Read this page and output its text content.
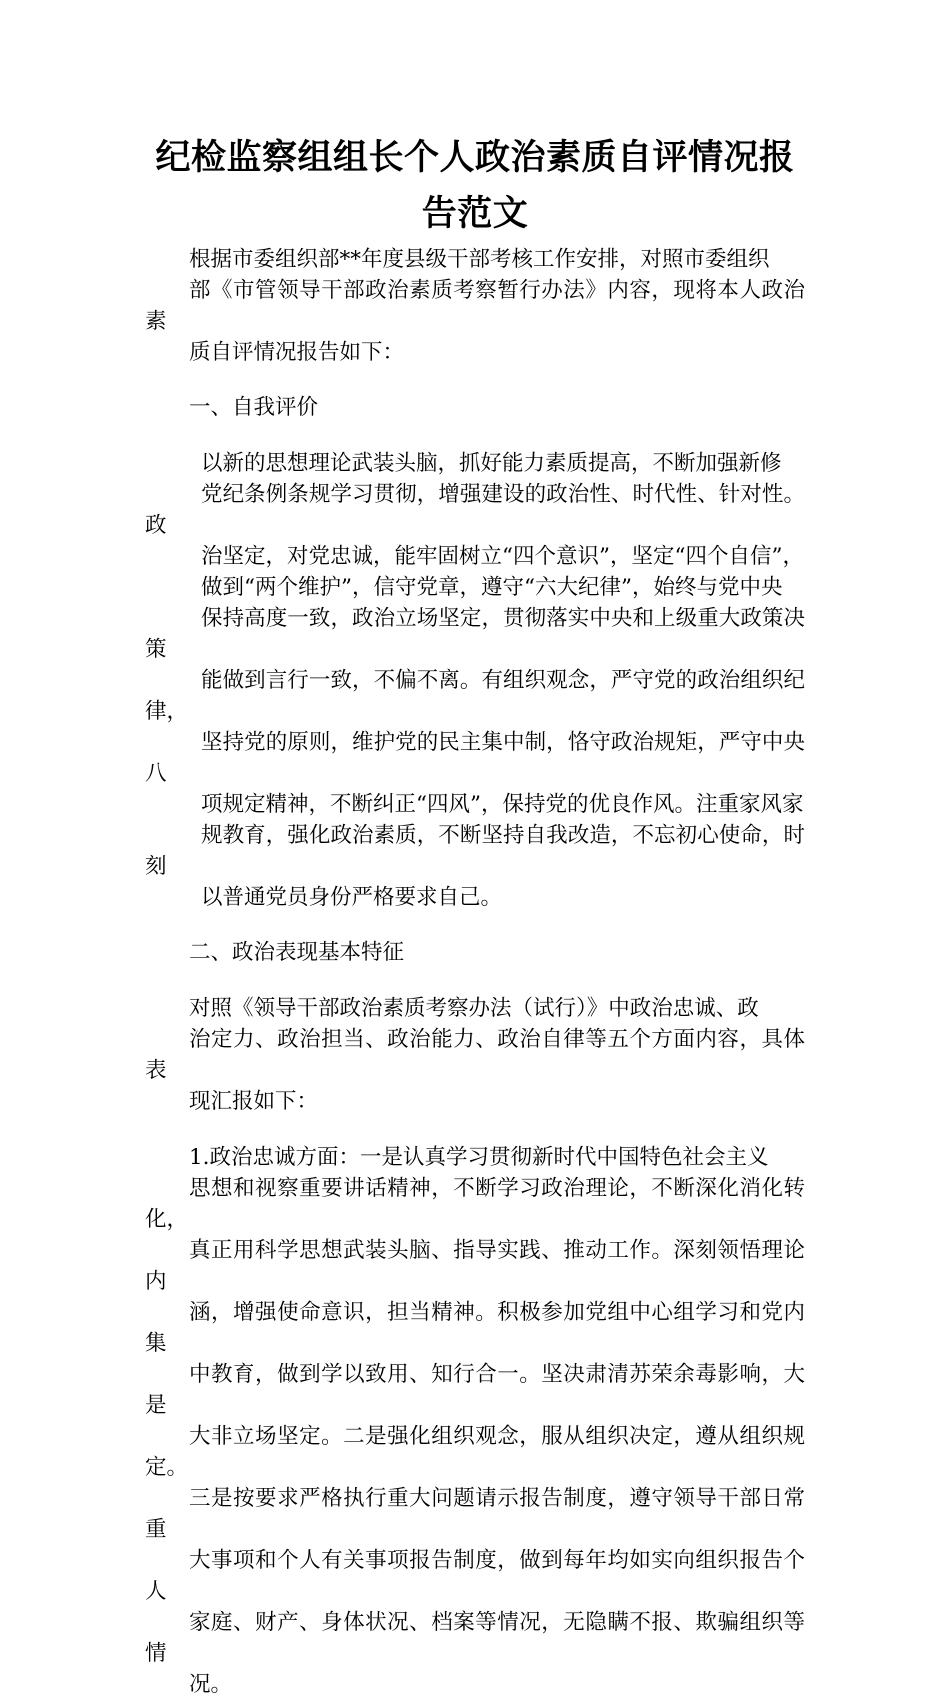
纪检监察组组长个人政治素质自评情况报
告范文

根据市委组织部**年度县级干部考核工作安排，对照市委组织
部《市管领导干部政治素质考察暂行办法》内容，现将本人政治素
质自评情况报告如下：

一、自我评价

以新的思想理论武装头脑，抓好能力素质提高，不断加强新修
党纪条例条规学习贯彻，增强建设的政治性、时代性、针对性。政
治坚定，对党忠诚，能牢固树立“四个意识”，坚定“四个自信”，
做到“两个维护”，信守党章，遵守“六大纪律”，始终与党中央
保持高度一致，政治立场坚定，贯彻落实中央和上级重大政策决策
能做到言行一致，不偏不离。有组织观念，严守党的政治组织纪律，
坚持党的原则，维护党的民主集中制，恪守政治规矩，严守中央八
项规定精神，不断纠正“四风”，保持党的优良作风。注重家风家
规教育，强化政治素质，不断坚持自我改造，不忘初心使命，时刻
以普通党员身份严格要求自己。

二、政治表现基本特征

对照《领导干部政治素质考察办法（试行）》中政治忠诚、政
治定力、政治担当、政治能力、政治自律等五个方面内容，具体表
现汇报如下：

1.政治忠诚方面：一是认真学习贯彻新时代中国特色社会主义
思想和视察重要讲话精神，不断学习政治理论，不断深化消化转化，
真正用科学思想武装头脑、指导实践、推动工作。深刻领悟理论内
涵，增强使命意识，担当精神。积极参加党组中心组学习和党内集
中教育，做到学以致用、知行合一。坚决肃清苏荣余毒影响，大是
大非立场坚定。二是强化组织观念，服从组织决定，遵从组织规定。
三是按要求严格执行重大问题请示报告制度，遵守领导干部日常重
大事项和个人有关事项报告制度，做到每年均如实向组织报告个人
家庭、财产、身体状况、档案等情况，无隐瞒不报、欺骗组织等情
况。
